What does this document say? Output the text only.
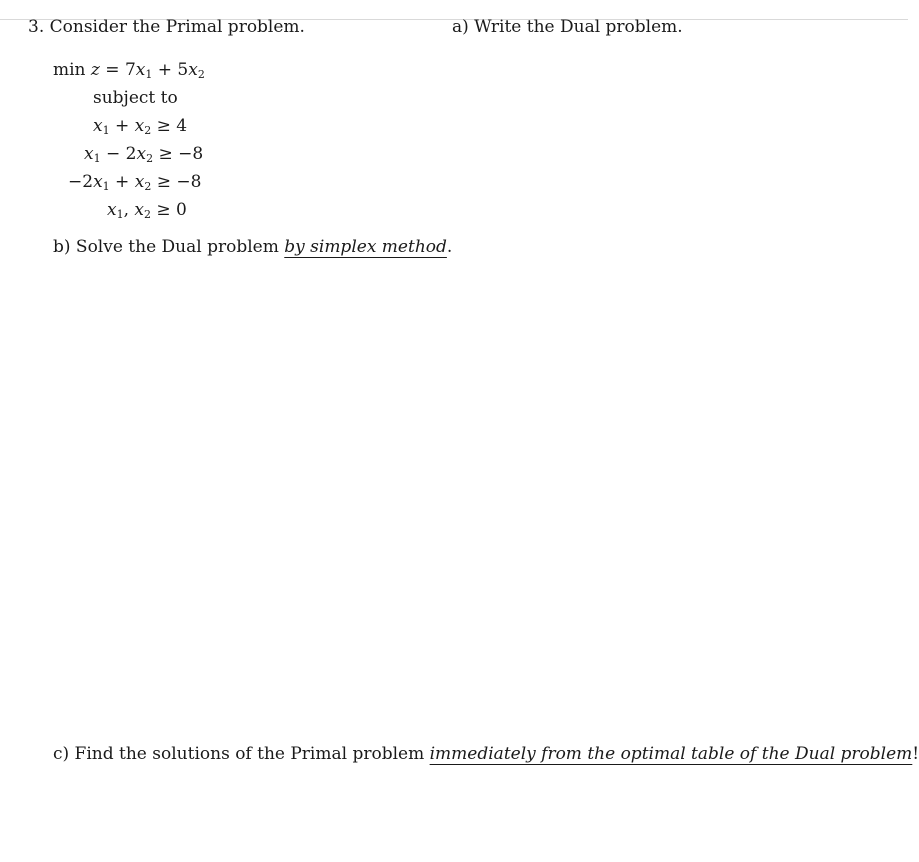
3. Consider the Primal problem.	a) Write the Dual problem.
$\min z = 7x_1 + 5x_2$
subject to
$x_1 + x_2 \ge 4$
$x_1 - 2x_2 \ge -8$
$-2x_1 + x_2 \ge -8$
$x_1$, $x_2 \ge 0$
b) Solve the Dual problem by simplex method.
c) Find the solutions of the Primal problem immediately from the optimal table of the Dual problem!
